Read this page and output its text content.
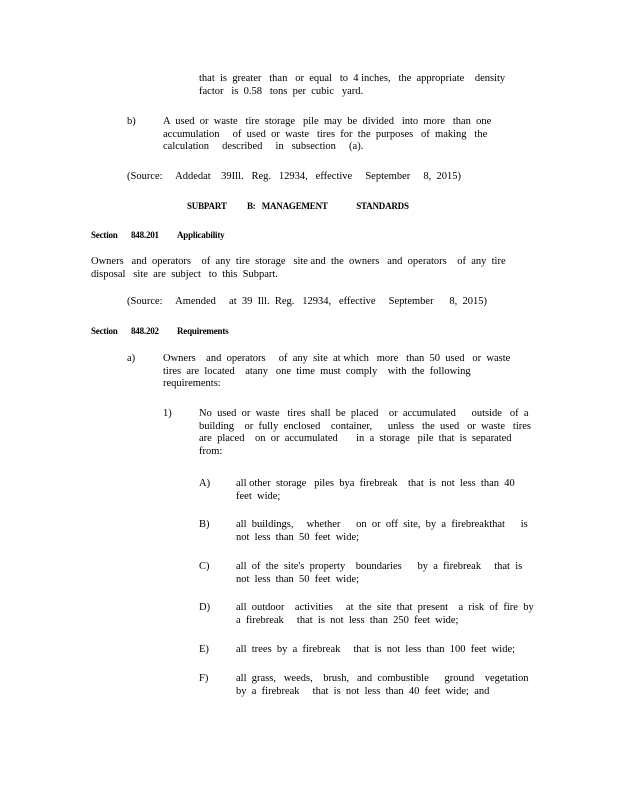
that  is  greater   than   or  equal   to  4 inches,   the  appropriate    density
factor   is  0.58   tons  per  cubic   yard.

b)	A  used  or  waste   tire  storage   pile  may  be  divided   into  more   than  one
accumulation     of  used  or  waste   tires  for  the  purposes   of  making   the
calculation     described     in   subsection     (a).

(Source:     Addedat    39Ill.   Reg.   12934,   effective     September     8,  2015)

SUBPART          B:   MANAGEMENT              STANDARDS

Section 848.201 Applicability

Owners   and  operators    of  any  tire  storage   site and  the  owners   and  operators    of  any  tire
disposal   site  are  subject   to  this  Subpart.

(Source:     Amended     at  39  Ill.  Reg.   12934,   effective     September      8,  2015)

Section 848.202 Requirements

a)	Owners    and  operators     of  any  site  at which   more   than  50  used   or  waste
tires  are  located    atany   one  time  must  comply    with  the  following
requirements:

1)	No  used  or  waste   tires  shall  be  placed    or  accumulated      outside   of  a
building    or  fully  enclosed    container,      unless   the  used   or  waste   tires
are  placed    on  or  accumulated       in  a  storage   pile  that  is  separated
from:

A) all other  storage   piles  bya  firebreak    that  is  not  less  than  40
feet  wide;

B)	all  buildings,     whether      on  or  off  site,  by  a  firebreakthat      is
not  less  than  50  feet  wide;

C)	all  of  the  site's  property    boundaries      by  a  firebreak     that  is
not  less  than  50  feet  wide;

D) all  outdoor    activities     at  the  site  that  present    a  risk  of  fire  by
a  firebreak     that  is  not  less  than  250  feet  wide;

E)	all  trees  by  a  firebreak     that  is  not  less  than  100  feet  wide;

F)	all  grass,   weeds,    brush,   and  combustible      ground    vegetation
by  a  firebreak     that  is  not  less  than  40  feet  wide;  and
